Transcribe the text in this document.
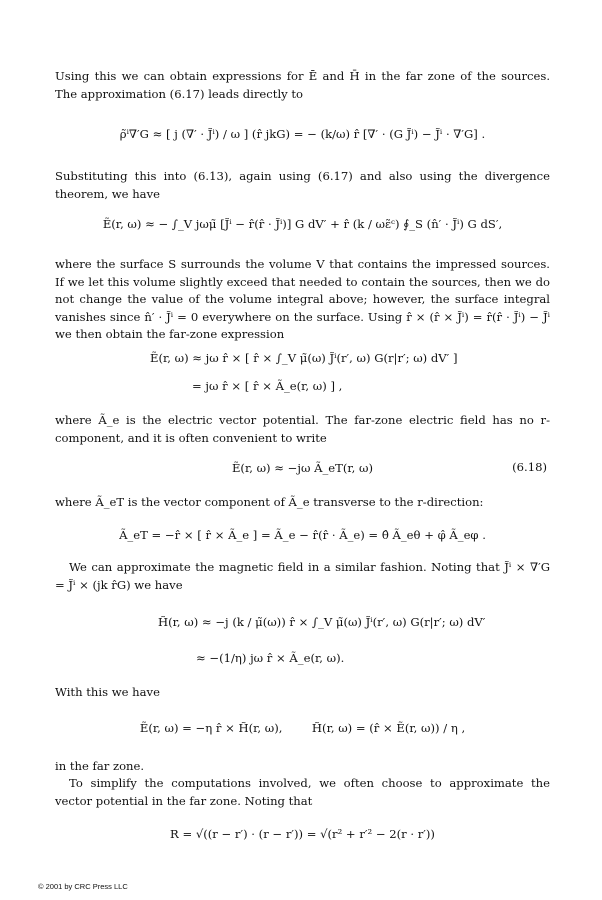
Using this we can obtain expressions for Ē and H̄ in the far zone of the sources. The approximation (6.17) leads directly to

ρ̃ⁱ∇′G ≈ [ j (∇′ · J̃ⁱ) / ω ] (r̂ jkG) = − (k/ω) r̂ [∇′ · (G J̃ⁱ) − J̃ⁱ · ∇′G] .

Substituting this into (6.13), again using (6.17) and also using the divergence theorem, we have

Ẽ(r, ω) ≈ − ∫_V jωμ̃ [J̃ⁱ − r̂(r̂ · J̃ⁱ)] G dV′ + r̂ (k / ωε̃ᶜ) ∮_S (n̂′ · J̃ⁱ) G dS′,

where the surface S surrounds the volume V that contains the impressed sources. If we let this volume slightly exceed that needed to contain the sources, then we do not change the value of the volume integral above; however, the surface integral vanishes since n̂′ · J̃ⁱ = 0 everywhere on the surface. Using r̂ × (r̂ × J̃ⁱ) = r̂(r̂ · J̃ⁱ) − J̃ⁱ we then obtain the far-zone expression

Ẽ(r, ω) ≈ jω r̂ × [ r̂ × ∫_V μ̃(ω) J̃ⁱ(r′, ω) G(r|r′; ω) dV′ ]
= jω r̂ × [ r̂ × Ã_e(r, ω) ] ,

where Ã_e is the electric vector potential. The far-zone electric field has no r-component, and it is often convenient to write

Ẽ(r, ω) ≈ −jω Ã_eT(r, ω)	(6.18)

where Ã_eT is the vector component of Ã_e transverse to the r-direction:

Ã_eT = −r̂ × [ r̂ × Ã_e ] = Ã_e − r̂(r̂ · Ã_e) = θ̂ Ã_eθ + φ̂ Ã_eφ .

We can approximate the magnetic field in a similar fashion. Noting that J̃ⁱ × ∇′G = J̃ⁱ × (jk r̂G) we have

H̃(r, ω) ≈ −j (k / μ̃(ω)) r̂ × ∫_V μ̃(ω) J̃ⁱ(r′, ω) G(r|r′; ω) dV′
≈ −(1/η) jω r̂ × Ã_e(r, ω).

With this we have

Ẽ(r, ω) = −η r̂ × H̃(r, ω),        H̃(r, ω) = (r̂ × Ẽ(r, ω)) / η ,

in the far zone.

To simplify the computations involved, we often choose to approximate the vector potential in the far zone. Noting that

R = √((r − r′) · (r − r′)) = √(r² + r′² − 2(r · r′))
© 2001 by CRC Press LLC
